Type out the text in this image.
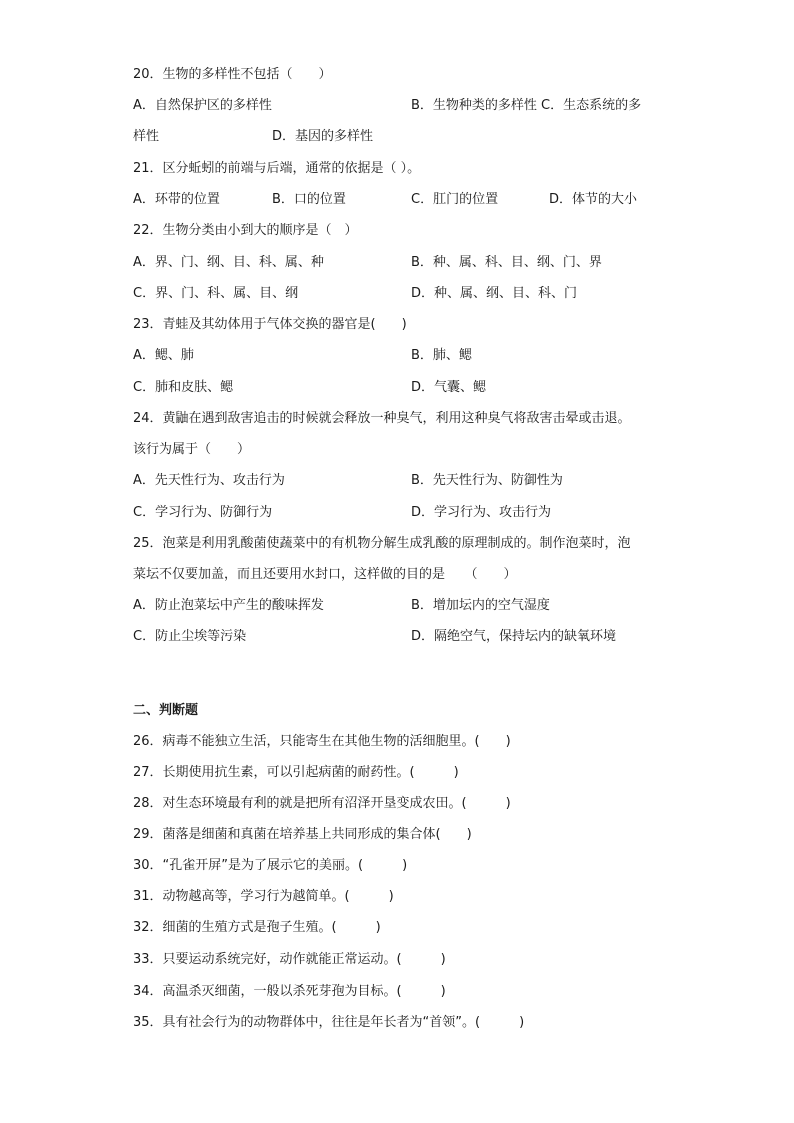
20．生物的多样性不包括（　　）
A．自然保护区的多样性	B．生物种类的多样性 C．生态系统的多
样性	D．基因的多样性
21．区分蚯蚓的前端与后端，通常的依据是（ ）。
A．环带的位置	B．口的位置	C．肛门的位置	D．体节的大小
22．生物分类由小到大的顺序是（　）
A．界、门、纲、目、科、属、种	B．种、属、科、目、纲、门、界
C．界、门、科、属、目、纲	D．种、属、纲、目、科、门
23．青蛙及其幼体用于气体交换的器官是(　　)
A．鳃、肺	B．肺、鳃
C．肺和皮肤、鳃	D．气囊、鳃
24．黄鼬在遇到敌害追击的时候就会释放一种臭气，利用这种臭气将敌害击晕或击退。
该行为属于（　　）
A．先天性行为、攻击行为	B．先天性行为、防御性为
C．学习行为、防御行为	D．学习行为、攻击行为
25．泡菜是利用乳酸菌使蔬菜中的有机物分解生成乳酸的原理制成的。制作泡菜时，泡
菜坛不仅要加盖，而且还要用水封口，这样做的目的是　　（　　）
A．防止泡菜坛中产生的酸味挥发	B．增加坛内的空气湿度
C．防止尘埃等污染	D．隔绝空气，保持坛内的缺氧环境
二、判断题
26．病毒不能独立生活，只能寄生在其他生物的活细胞里。(　　)
27．长期使用抗生素，可以引起病菌的耐药性。(　　　)
28．对生态环境最有利的就是把所有沼泽开垦变成农田。(　　　)
29．菌落是细菌和真菌在培养基上共同形成的集合体(　　)
30．“孔雀开屏”是为了展示它的美丽。(　　　)
31．动物越高等，学习行为越简单。(　　　)
32．细菌的生殖方式是孢子生殖。(　　　)
33．只要运动系统完好，动作就能正常运动。(　　　)
34．高温杀灭细菌，一般以杀死芽孢为目标。(　　　)
35．具有社会行为的动物群体中，往往是年长者为“首领”。(　　　)
